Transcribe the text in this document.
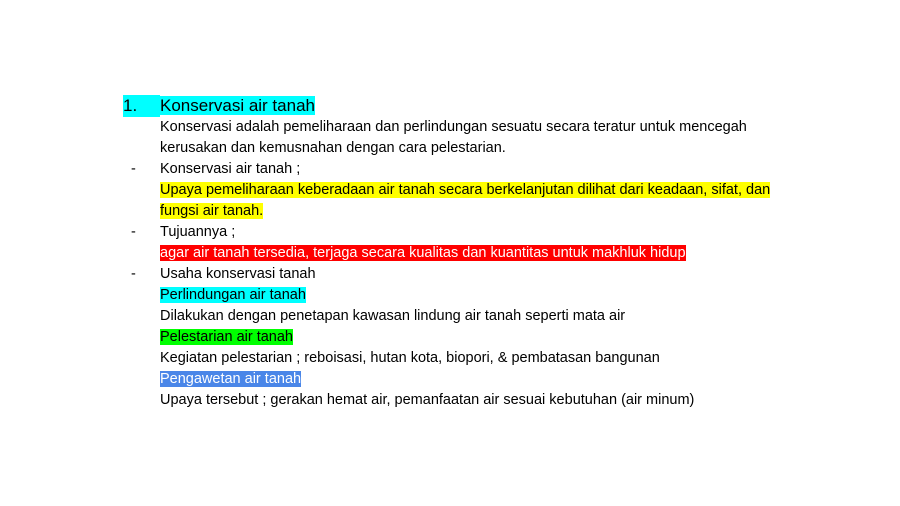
1.	Konservasi air tanah
Konservasi adalah pemeliharaan dan perlindungan sesuatu secara teratur untuk mencegah kerusakan dan kemusnahan dengan cara pelestarian.
-	Konservasi air tanah ;
Upaya pemeliharaan keberadaan air tanah secara berkelanjutan dilihat dari keadaan, sifat, dan fungsi air tanah.
-	Tujuannya ;
agar air tanah tersedia, terjaga secara kualitas dan kuantitas untuk makhluk hidup
-	Usaha konservasi tanah
Perlindungan air tanah
Dilakukan dengan penetapan kawasan lindung air tanah seperti mata air
Pelestarian air tanah
Kegiatan pelestarian ; reboisasi, hutan kota, biopori, & pembatasan bangunan
Pengawetan air tanah
Upaya tersebut ; gerakan hemat air, pemanfaatan air sesuai kebutuhan (air minum)
